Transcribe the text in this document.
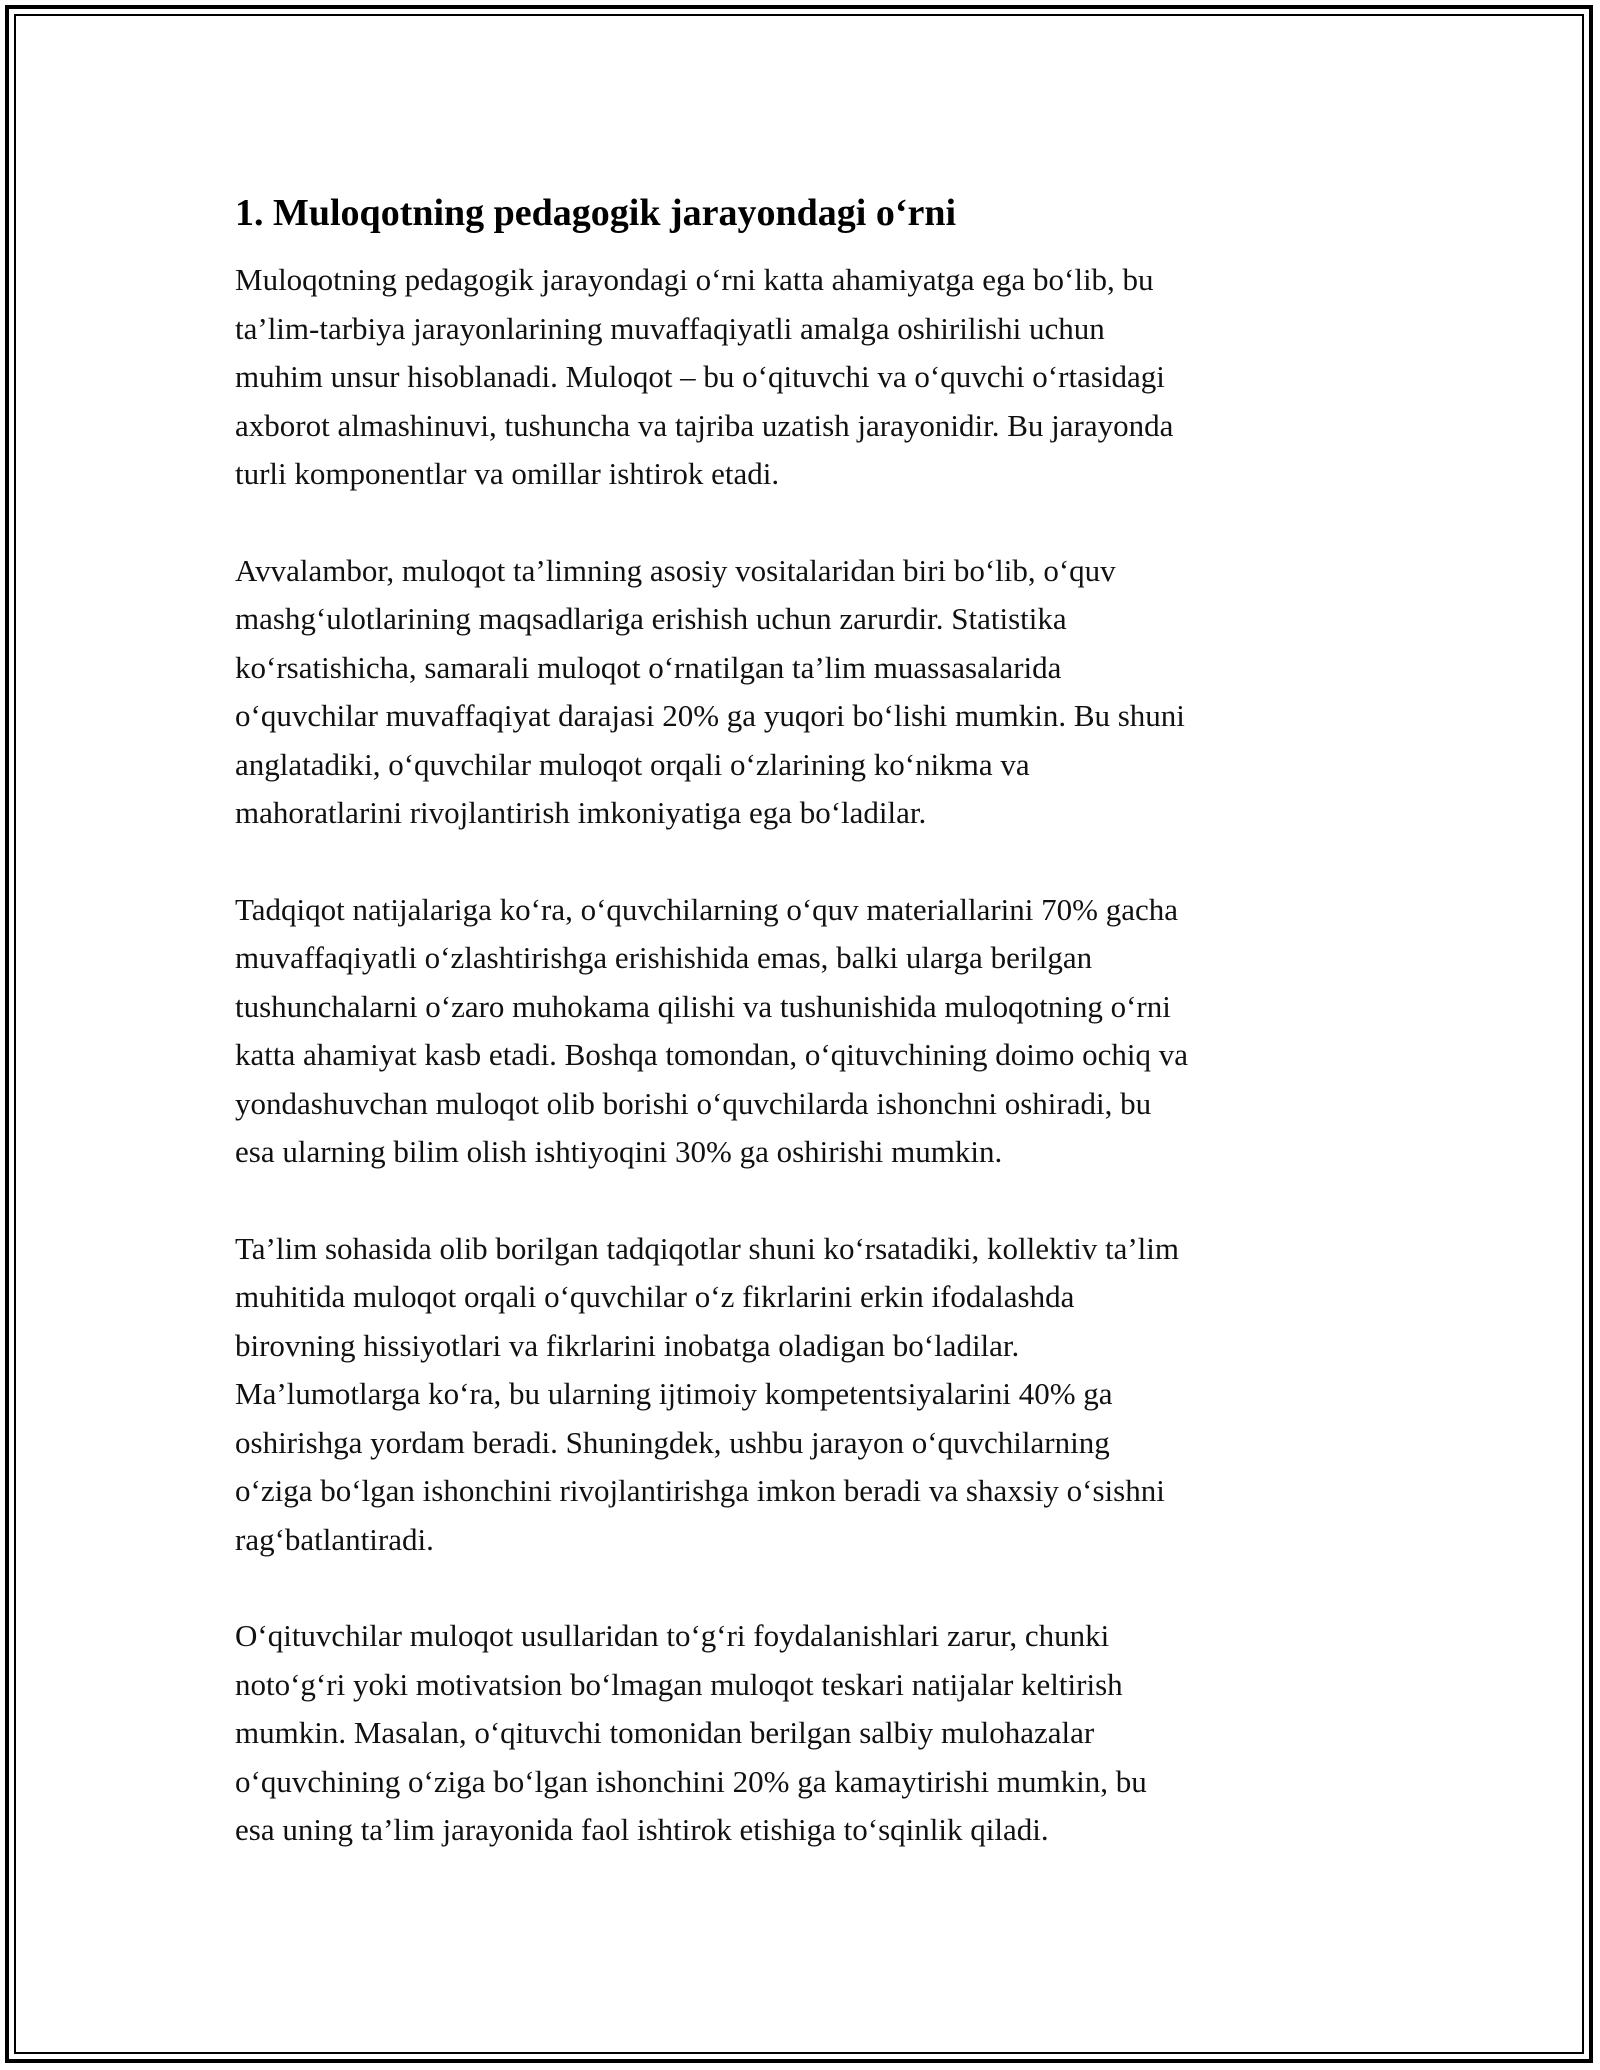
1. Muloqotning pedagogik jarayondagi o‘rni

Muloqotning pedagogik jarayondagi o‘rni katta ahamiyatga ega bo‘lib, bu
ta’lim-tarbiya jarayonlarining muvaffaqiyatli amalga oshirilishi uchun
muhim unsur hisoblanadi. Muloqot – bu o‘qituvchi va o‘quvchi o‘rtasidagi
axborot almashinuvi, tushuncha va tajriba uzatish jarayonidir. Bu jarayonda
turli komponentlar va omillar ishtirok etadi.

Avvalambor, muloqot ta’limning asosiy vositalaridan biri bo‘lib, o‘quv
mashg‘ulotlarining maqsadlariga erishish uchun zarurdir. Statistika
ko‘rsatishicha, samarali muloqot o‘rnatilgan ta’lim muassasalarida
o‘quvchilar muvaffaqiyat darajasi 20% ga yuqori bo‘lishi mumkin. Bu shuni
anglatadiki, o‘quvchilar muloqot orqali o‘zlarining ko‘nikma va
mahoratlarini rivojlantirish imkoniyatiga ega bo‘ladilar.

Tadqiqot natijalariga ko‘ra, o‘quvchilarning o‘quv materiallarini 70% gacha
muvaffaqiyatli o‘zlashtirishga erishishida emas, balki ularga berilgan
tushunchalarni o‘zaro muhokama qilishi va tushunishida muloqotning o‘rni
katta ahamiyat kasb etadi. Boshqa tomondan, o‘qituvchining doimo ochiq va
yondashuvchan muloqot olib borishi o‘quvchilarda ishonchni oshiradi, bu
esa ularning bilim olish ishtiyoqini 30% ga oshirishi mumkin.

Ta’lim sohasida olib borilgan tadqiqotlar shuni ko‘rsatadiki, kollektiv ta’lim
muhitida muloqot orqali o‘quvchilar o‘z fikrlarini erkin ifodalashda
birovning hissiyotlari va fikrlarini inobatga oladigan bo‘ladilar.
Ma’lumotlarga ko‘ra, bu ularning ijtimoiy kompetentsiyalarini 40% ga
oshirishga yordam beradi. Shuningdek, ushbu jarayon o‘quvchilarning
o‘ziga bo‘lgan ishonchini rivojlantirishga imkon beradi va shaxsiy o‘sishni
rag‘batlantiradi.

O‘qituvchilar muloqot usullaridan to‘g‘ri foydalanishlari zarur, chunki
noto‘g‘ri yoki motivatsion bo‘lmagan muloqot teskari natijalar keltirish
mumkin. Masalan, o‘qituvchi tomonidan berilgan salbiy mulohazalar
o‘quvchining o‘ziga bo‘lgan ishonchini 20% ga kamaytirishi mumkin, bu
esa uning ta’lim jarayonida faol ishtirok etishiga to‘sqinlik qiladi.
